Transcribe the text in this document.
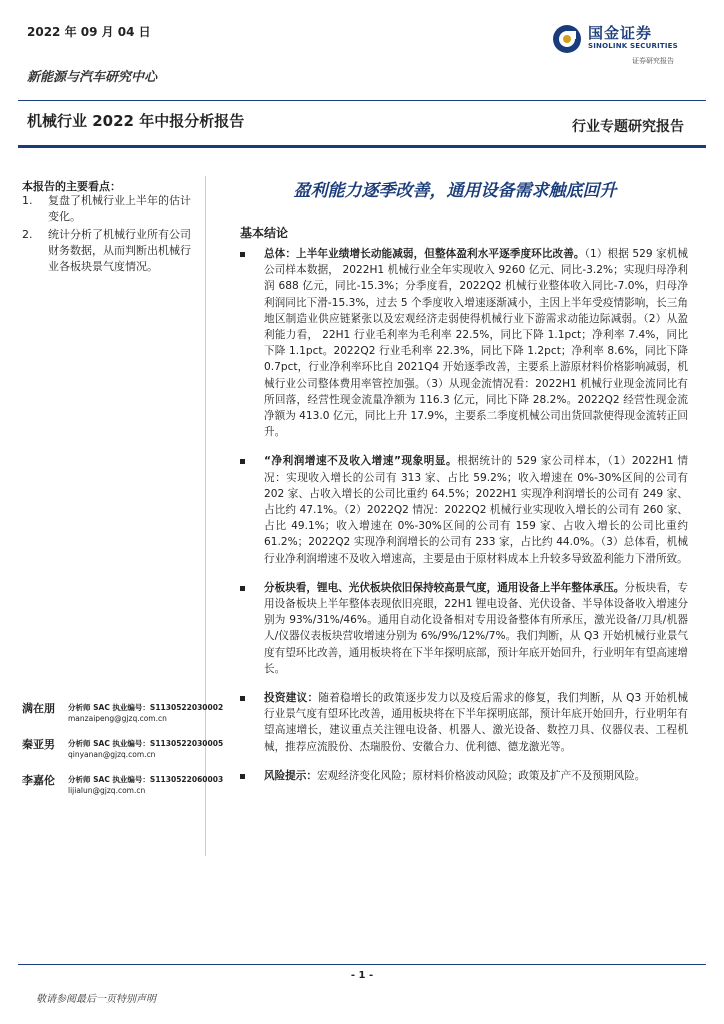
2022 年 09 月 04 日	国金证券
SINOLINK SECURITIES
证券研究报告
新能源与汽车研究中心
机械行业 2022 年中报分析报告	行业专题研究报告
本报告的主要看点：
1.	复盘了机械行业上半年的估计变化。
2.	统计分析了机械行业所有公司财务数据，从而判断出机械行业各板块景气度情况。
盈利能力逐季改善，通用设备需求触底回升
基本结论
总体：上半年业绩增长动能减弱，但整体盈利水平逐季度环比改善。（1）根据 529 家机械公司样本数据， 2022H1 机械行业全年实现收入 9260 亿元、同比-3.2%；实现归母净利润 688 亿元，同比-15.3%；分季度看，2022Q2 机械行业整体收入同比-7.0%，归母净利润同比下滑-15.3%，过去 5 个季度收入增速逐渐减小，主因上半年受疫情影响，长三角地区制造业供应链紧张以及宏观经济走弱使得机械行业下游需求动能边际减弱。（2）从盈利能力看， 22H1 行业毛利率为毛利率 22.5%，同比下降 1.1pct；净利率 7.4%，同比下降 1.1pct。2022Q2 行业毛利率 22.3%，同比下降 1.2pct；净利率 8.6%，同比下降 0.7pct，行业净利率环比自 2021Q4 开始逐季改善，主要系上游原材料价格影响减弱，机械行业公司整体费用率管控加强。（3）从现金流情况看：2022H1 机械行业现金流同比有所回落，经营性现金流量净额为 116.3 亿元，同比下降 28.2%。2022Q2 经营性现金流净额为 413.0 亿元，同比上升 17.9%，主要系二季度机械公司出货回款使得现金流转正回升。
“净利润增速不及收入增速”现象明显。根据统计的 529 家公司样本，（1）2022H1 情况：实现收入增长的公司有 313 家、占比 59.2%；收入增速在 0%-30%区间的公司有 202 家、占收入增长的公司比重约 64.5%；2022H1 实现净利润增长的公司有 249 家、占比约 47.1%。（2）2022Q2 情况：2022Q2 机械行业实现收入增长的公司有 260 家、占比 49.1%；收入增速在 0%-30%区间的公司有 159 家、占收入增长的公司比重约 61.2%；2022Q2 实现净利润增长的公司有 233 家，占比约 44.0%。（3）总体看，机械行业净利润增速不及收入增速高，主要是由于原材料成本上升较多导致盈利能力下滑所致。
分板块看，锂电、光伏板块依旧保持较高景气度，通用设备上半年整体承压。分板块看，专用设备板块上半年整体表现依旧亮眼，22H1 锂电设备、光伏设备、半导体设备收入增速分别为 93%/31%/46%。通用自动化设备相对专用设备整体有所承压，激光设备/刀具/机器人/仪器仪表板块营收增速分别为 6%/9%/12%/7%。我们判断，从 Q3 开始机械行业景气度有望环比改善，通用板块将在下半年探明底部，预计年底开始回升，行业明年有望高速增长。
投资建议：随着稳增长的政策逐步发力以及疫后需求的修复，我们判断，从 Q3 开始机械行业景气度有望环比改善，通用板块将在下半年探明底部，预计年底开始回升，行业明年有望高速增长，建议重点关注锂电设备、机器人、激光设备、数控刀具、仪器仪表、工程机械，推荐应流股份、杰瑞股份、安徽合力、优利德、德龙激光等。
风险提示：宏观经济变化风险；原材料价格波动风险；政策及扩产不及预期风险。
满在朋 分析师 SAC 执业编号：S1130522030002
manzaipeng@gjzq.com.cn
秦亚男 分析师 SAC 执业编号：S1130522030005
qinyanan@gjzq.com.cn
李嘉伦 分析师 SAC 执业编号：S1130522060003
lijialun@gjzq.com.cn
- 1 -
敬请参阅最后一页特别声明
